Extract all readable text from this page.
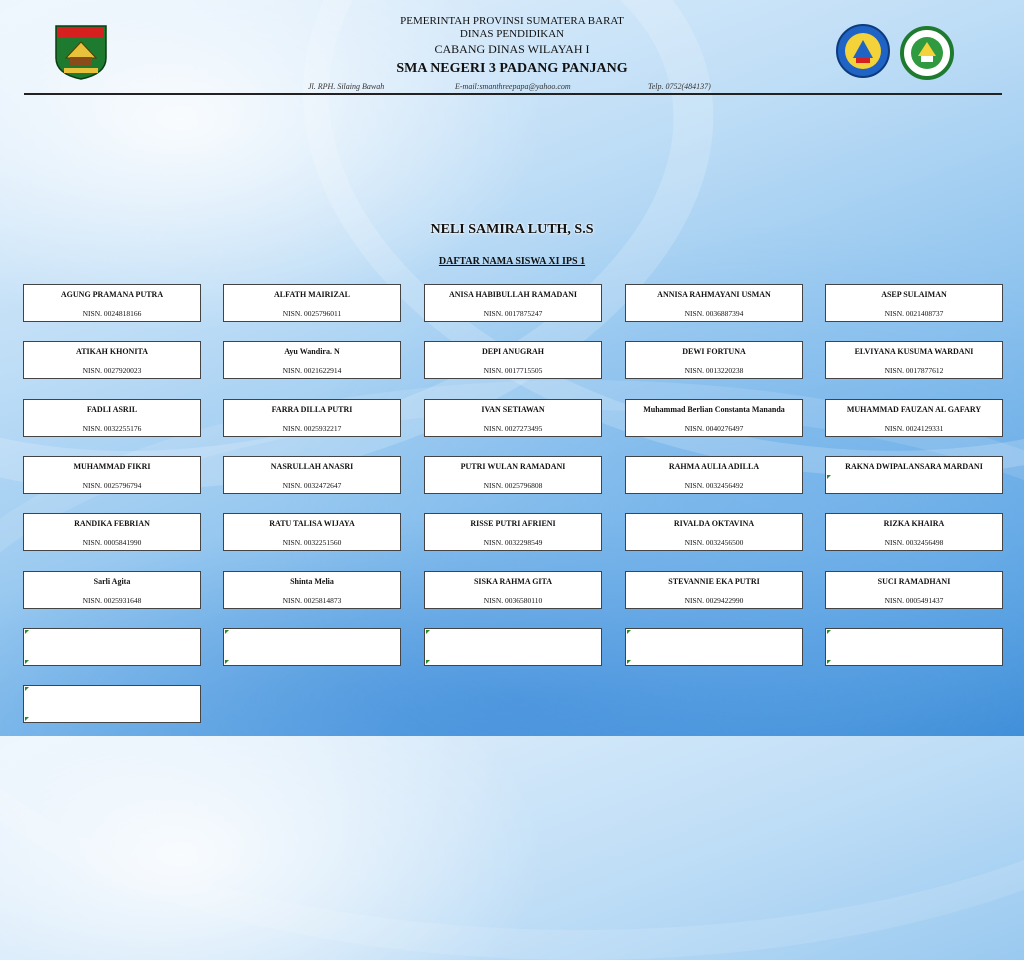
PEMERINTAH PROVINSI SUMATERA BARAT
DINAS PENDIDIKAN
CABANG DINAS WILAYAH I
SMA NEGERI 3 PADANG PANJANG
Jl. RPH. Silaing Bawah	E-mail:smanthreepapa@yahoo.com	Telp. 0752(484137)
NELI SAMIRA LUTH, S.S
DAFTAR NAMA SISWA XI IPS 1
AGUNG PRAMANA PUTRA
NISN. 0024818166
ALFATH MAIRIZAL
NISN. 0025796011
ANISA HABIBULLAH RAMADANI
NISN. 0017875247
ANNISA RAHMAYANI USMAN
NISN. 0036887394
ASEP SULAIMAN
NISN. 0021408737
ATIKAH KHONITA
NISN. 0027920023
Ayu Wandira. N
NISN. 0021622914
DEPI ANUGRAH
NISN. 0017715505
DEWI FORTUNA
NISN. 0013220238
ELVIYANA KUSUMA WARDANI
NISN. 0017877612
FADLI ASRIL
NISN. 0032255176
FARRA DILLA PUTRI
NISN. 0025932217
IVAN SETIAWAN
NISN. 0027273495
Muhammad Berlian Constanta Mananda
NISN. 0040276497
MUHAMMAD FAUZAN AL GAFARY
NISN. 0024129331
MUHAMMAD FIKRI
NISN. 0025796794
NASRULLAH ANASRI
NISN. 0032472647
PUTRI WULAN RAMADANI
NISN. 0025796808
RAHMA AULIA ADILLA
NISN. 0032456492
RAKNA DWIPALANSARA MARDANI
RANDIKA FEBRIAN
NISN. 0005841990
RATU TALISA WIJAYA
NISN. 0032251560
RISSE PUTRI AFRIENI
NISN. 0032298549
RIVALDA OKTAVINA
NISN. 0032456500
RIZKA KHAIRA
NISN. 0032456498
Sarli Agita
NISN. 0025931648
Shinta Melia
NISN. 0025814873
SISKA RAHMA GITA
NISN. 0036580110
STEVANNIE EKA PUTRI
NISN. 0029422990
SUCI RAMADHANI
NISN. 0005491437
